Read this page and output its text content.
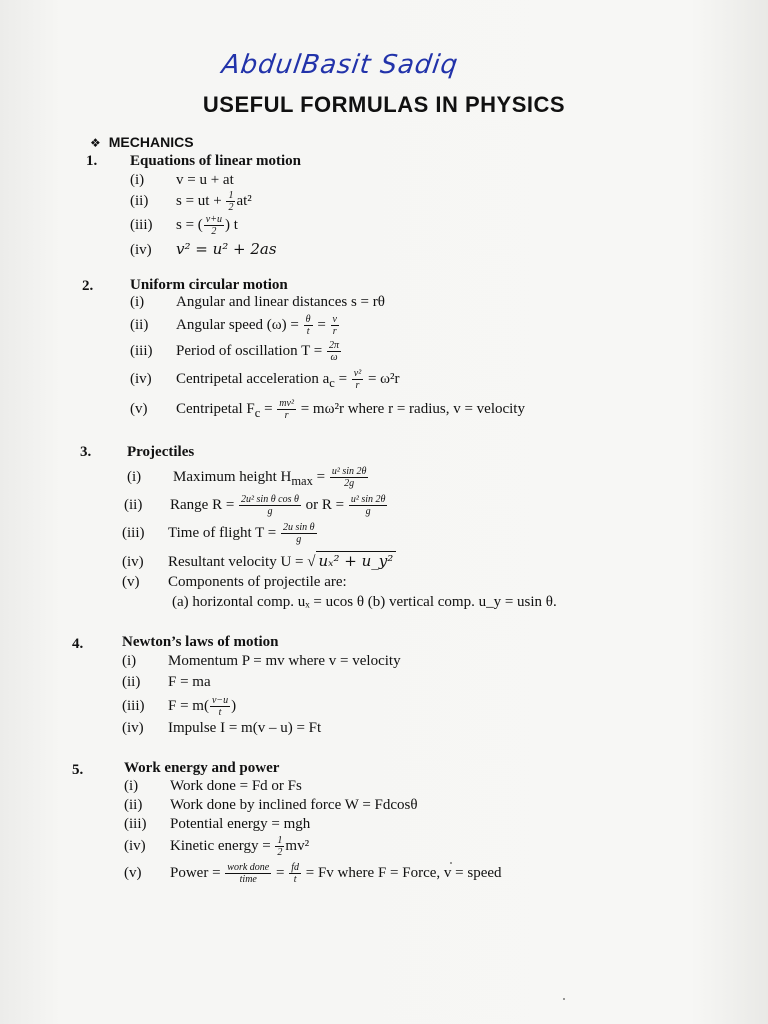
AbdulBasit Sadiq
USEFUL FORMULAS IN PHYSICS
❖ MECHANICS
1. Equations of linear motion
(i) v = u + at
(ii) s = ut + $\frac{1}{2} at^2$
(iii) s = ( $\frac{v+u}{2}$ ) t
(iv) v² = u² + 2as
2. Uniform circular motion
(i) Angular and linear distances s = rθ
(ii) Angular speed $(\omega) = \frac{\theta}{t} = \frac{v}{r}$
(iii) Period of oscillation $T = \frac{2\pi}{\omega}$
(iv) Centripetal acceleration $a_c = \frac{\text{v²}}{r} = \omega^2r$
(v) Centripetal $F_c = \frac{\text{mv²}}{r} = m\omega^2r$ where r = radius, v = velocity
3. Projectiles
(i) Maximum height $H_{max} = \frac{\text{u² sin 2θ}}{2g}$
(ii) Range $R = \frac{\text{2u² sin θ cos θ}}{g}$ or $R = \frac{\text{u² sin 2θ}}{g}$
(iii) Time of flight $T = \frac{\text{2u sin θ}}{g}$
(iv) Resultant velocity U = √ uₓ² + u_y²
(v) Components of projectile are:
(a) horizontal comp. uₓ = ucos θ (b) vertical comp. u_y = usin θ.
4.	Newton’s laws of motion
(i) Momentum P = mv where v = velocity
(ii) F = ma
(iii) $F = m( \frac{v-u}{t}$ )
(iv) Impulse I = m(v – u) = Ft
5.	Work energy and power
(i) Work done = Fd or Fs
(ii) Work done by inclined force W = Fdcosθ
(iii) Potential energy = mgh
(iv) Kinetic energy = $\frac{1}{2} mv^2$
(v) Power = $\frac{\text{work done}}{\text{time}} = \frac{fd}{t} = Fv$ where F = Force, v = speed
